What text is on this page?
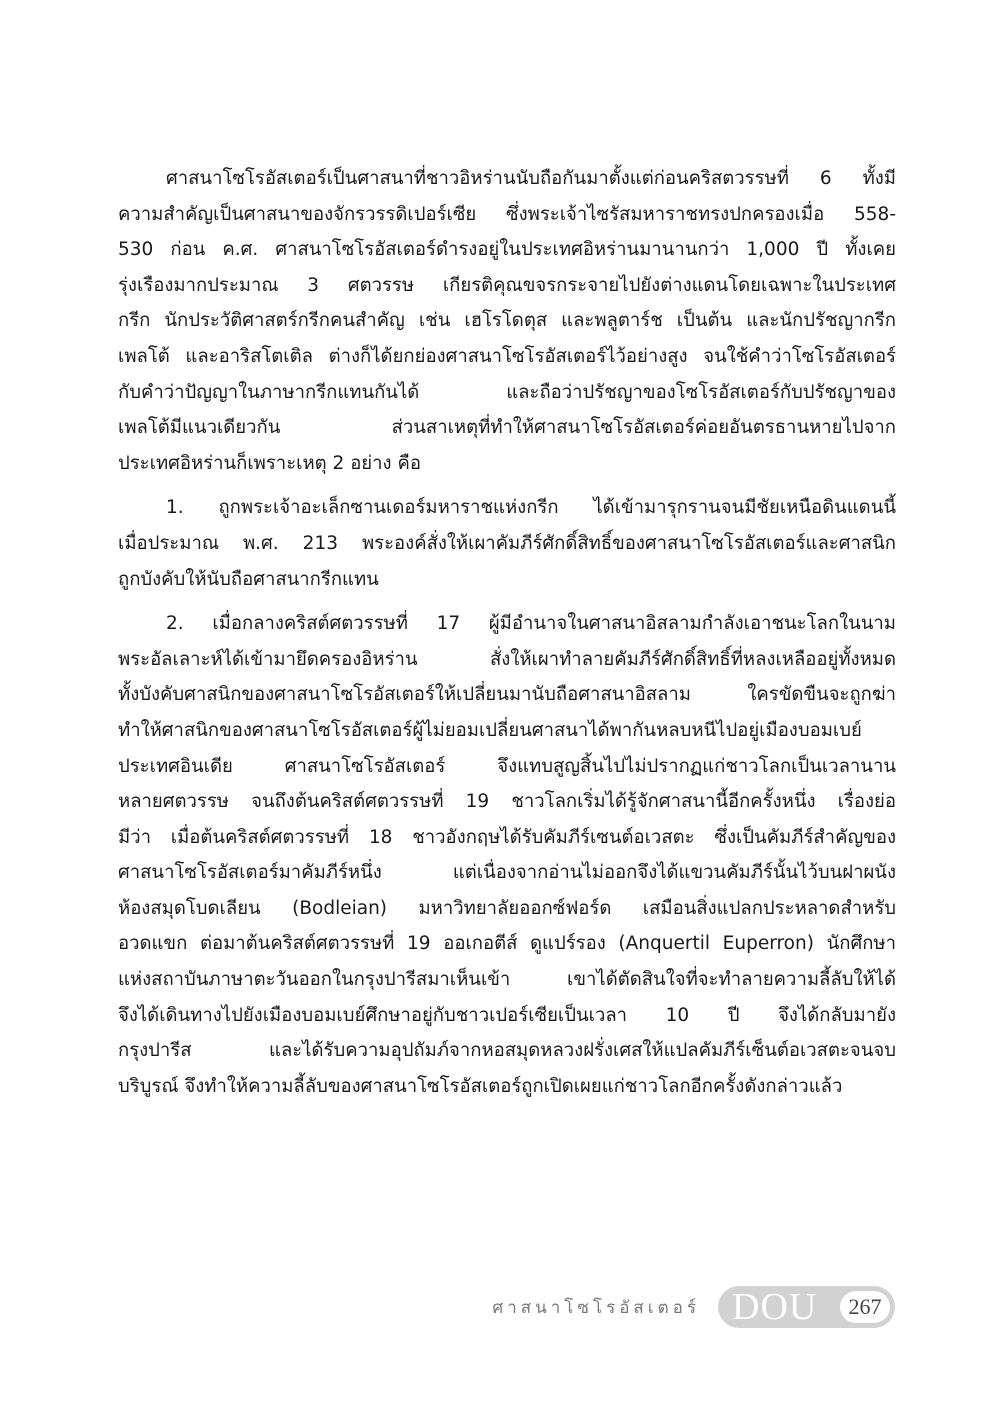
ศาสนาโซโรอัสเตอร์เป็นศาสนาที่ชาวอิหร่านนับถือกันมาตั้งแต่ก่อนคริสตวรรษที่ 6 ทั้งมี
ความสำคัญเป็นศาสนาของจักรวรรดิเปอร์เซีย ซึ่งพระเจ้าไซรัสมหาราชทรงปกครองเมื่อ 558-
530 ก่อน ค.ศ. ศาสนาโซโรอัสเตอร์ดำรงอยู่ในประเทศอิหร่านมานานกว่า 1,000 ปี ทั้งเคย
รุ่งเรืองมากประมาณ 3 ศตวรรษ เกียรติคุณขจรกระจายไปยังต่างแดนโดยเฉพาะในประเทศ
กรีก นักประวัติศาสตร์กรีกคนสำคัญ เช่น เฮโรโดตุส และพลูตาร์ช เป็นต้น และนักปรัชญากรีก
เพลโต้ และอาริสโตเติล ต่างก็ได้ยกย่องศาสนาโซโรอัสเตอร์ไว้อย่างสูง จนใช้คำว่าโซโรอัสเตอร์
กับคำว่าปัญญาในภาษากรีกแทนกันได้ และถือว่าปรัชญาของโซโรอัสเตอร์กับปรัชญาของ
เพลโต้มีแนวเดียวกัน ส่วนสาเหตุที่ทำให้ศาสนาโซโรอัสเตอร์ค่อยอันตรธานหายไปจาก
ประเทศอิหร่านก็เพราะเหตุ 2 อย่าง คือ
1. ถูกพระเจ้าอะเล็กซานเดอร์มหาราชแห่งกรีก ได้เข้ามารุกรานจนมีชัยเหนือดินแดนนี้
เมื่อประมาณ พ.ศ. 213 พระองค์สั่งให้เผาคัมภีร์ศักดิ์สิทธิ์ของศาสนาโซโรอัสเตอร์และศาสนิก
ถูกบังคับให้นับถือศาสนากรีกแทน
2. เมื่อกลางคริสต์ศตวรรษที่ 17 ผู้มีอำนาจในศาสนาอิสลามกำลังเอาชนะโลกในนาม
พระอัลเลาะห์ได้เข้ามายึดครองอิหร่าน สั่งให้เผาทำลายคัมภีร์ศักดิ์สิทธิ์ที่หลงเหลืออยู่ทั้งหมด
ทั้งบังคับศาสนิกของศาสนาโซโรอัสเตอร์ให้เปลี่ยนมานับถือศาสนาอิสลาม ใครขัดขืนจะถูกฆ่า
ทำให้ศาสนิกของศาสนาโซโรอัสเตอร์ผู้ไม่ยอมเปลี่ยนศาสนาได้พากันหลบหนีไปอยู่เมืองบอมเบย์
ประเทศอินเดีย ศาสนาโซโรอัสเตอร์ จึงแทบสูญสิ้นไปไม่ปรากฏแก่ชาวโลกเป็นเวลานาน
หลายศตวรรษ จนถึงต้นคริสต์ศตวรรษที่ 19 ชาวโลกเริ่มได้รู้จักศาสนานี้อีกครั้งหนึ่ง เรื่องย่อ
มีว่า เมื่อต้นคริสต์ศตวรรษที่ 18 ชาวอังกฤษได้รับคัมภีร์เซนต์อเวสตะ ซึ่งเป็นคัมภีร์สำคัญของ
ศาสนาโซโรอัสเตอร์มาคัมภีร์หนึ่ง แต่เนื่องจากอ่านไม่ออกจึงได้แขวนคัมภีร์นั้นไว้บนฝาผนัง
ห้องสมุดโบดเลียน (Bodleian) มหาวิทยาลัยออกซ์ฟอร์ด เสมือนสิ่งแปลกประหลาดสำหรับ
อวดแขก ต่อมาต้นคริสต์ศตวรรษที่ 19 ออเกอตีส์ ดูแปร์รอง (Anquertil Euperron) นักศึกษา
แห่งสถาบันภาษาตะวันออกในกรุงปารีสมาเห็นเข้า เขาได้ตัดสินใจที่จะทำลายความลี้ลับให้ได้
จึงได้เดินทางไปยังเมืองบอมเบย์ศึกษาอยู่กับชาวเปอร์เซียเป็นเวลา 10 ปี จึงได้กลับมายัง
กรุงปารีส และได้รับความอุปถัมภ์จากหอสมุดหลวงฝรั่งเศสให้แปลคัมภีร์เซ็นต์อเวสตะจนจบ
บริบูรณ์ จึงทำให้ความลี้ลับของศาสนาโซโรอัสเตอร์ถูกเปิดเผยแก่ชาวโลกอีกครั้งดังกล่าวแล้ว
ศาสนาโซโรอัสเตอร์ DOU	267
